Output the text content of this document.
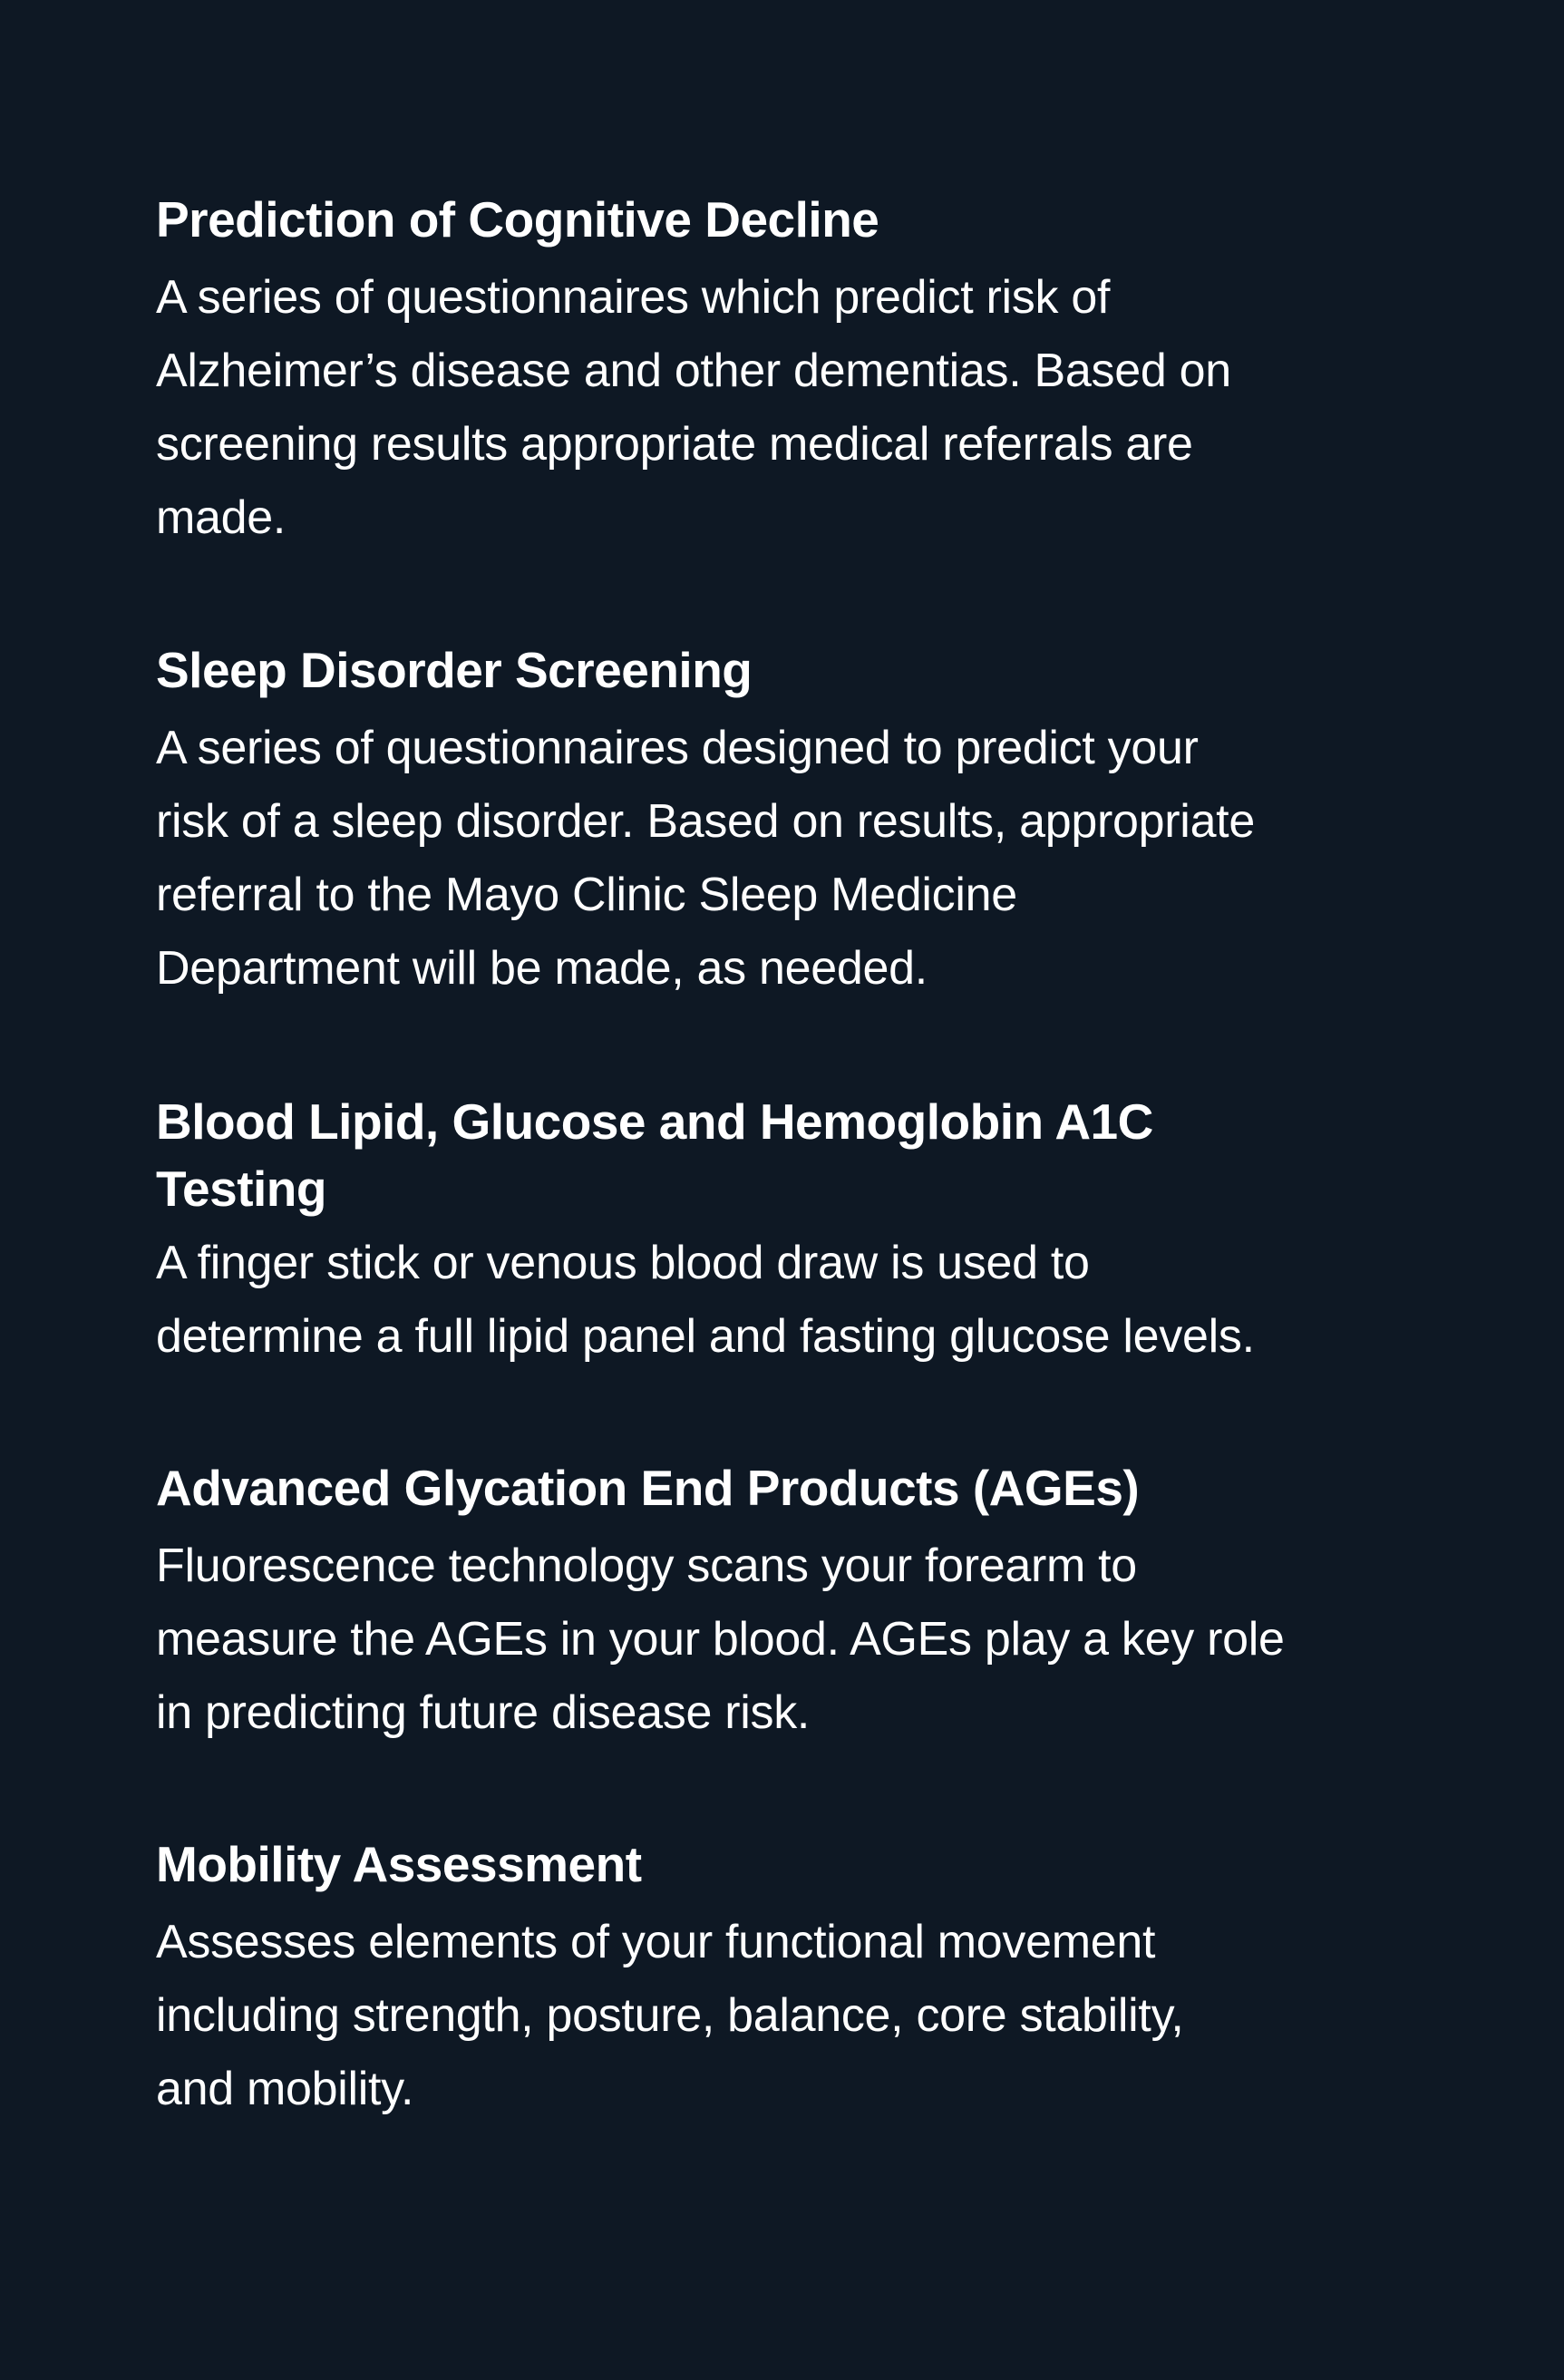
Prediction of Cognitive Decline
A series of questionnaires which predict risk of
Alzheimer’s disease and other dementias. Based on
screening results appropriate medical referrals are
made.
Sleep Disorder Screening
A series of questionnaires designed to predict your
risk of a sleep disorder. Based on results, appropriate
referral to the Mayo Clinic Sleep Medicine
Department will be made, as needed.
Blood Lipid, Glucose and Hemoglobin A1C
Testing
A finger stick or venous blood draw is used to
determine a full lipid panel and fasting glucose levels.
Advanced Glycation End Products (AGEs)
Fluorescence technology scans your forearm to
measure the AGEs in your blood. AGEs play a key role
in predicting future disease risk.
Mobility Assessment
Assesses elements of your functional movement
including strength, posture, balance, core stability,
and mobility.
